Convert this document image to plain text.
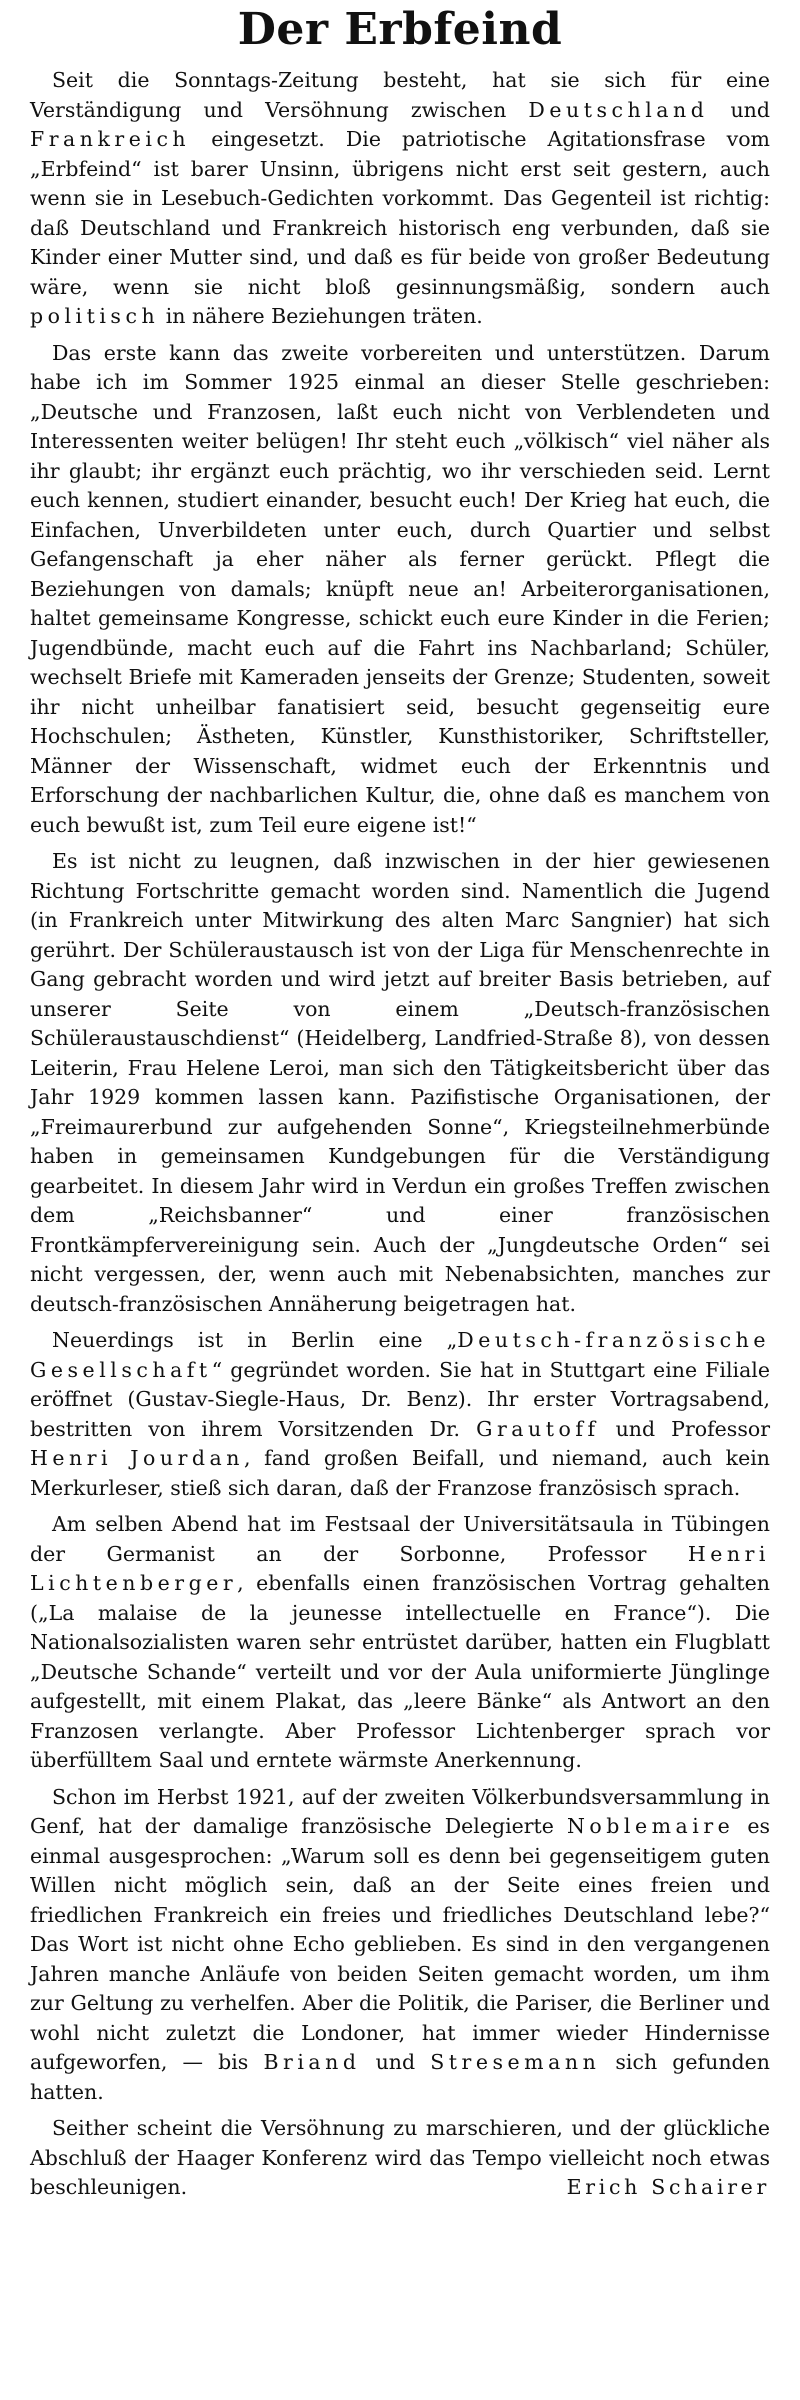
Der Erbfeind

Seit die Sonntags-Zeitung besteht, hat sie sich für eine Verständigung und Versöhnung zwischen Deutschland und Frankreich eingesetzt. Die patriotische Agitationsfrase vom „Erbfeind“ ist barer Unsinn, übrigens nicht erst seit gestern, auch wenn sie in Lesebuch-Gedichten vorkommt. Das Gegenteil ist richtig: daß Deutschland und Frankreich historisch eng verbunden, daß sie Kinder einer Mutter sind, und daß es für beide von großer Bedeutung wäre, wenn sie nicht bloß gesinnungsmäßig, sondern auch politisch in nähere Beziehungen träten.

Das erste kann das zweite vorbereiten und unterstützen. Darum habe ich im Sommer 1925 einmal an dieser Stelle geschrieben: „Deutsche und Franzosen, laßt euch nicht von Verblendeten und Interessenten weiter belügen! Ihr steht euch „völkisch“ viel näher als ihr glaubt; ihr ergänzt euch prächtig, wo ihr verschieden seid. Lernt euch kennen, studiert einander, besucht euch! Der Krieg hat euch, die Einfachen, Unverbildeten unter euch, durch Quartier und selbst Gefangenschaft ja eher näher als ferner gerückt. Pflegt die Beziehungen von damals; knüpft neue an! Arbeiterorganisationen, haltet gemeinsame Kongresse, schickt euch eure Kinder in die Ferien; Jugendbünde, macht euch auf die Fahrt ins Nachbarland; Schüler, wechselt Briefe mit Kameraden jenseits der Grenze; Studenten, soweit ihr nicht unheilbar fanatisiert seid, besucht gegenseitig eure Hochschulen; Ästheten, Künstler, Kunsthistoriker, Schriftsteller, Männer der Wissenschaft, widmet euch der Erkenntnis und Erforschung der nachbarlichen Kultur, die, ohne daß es manchem von euch bewußt ist, zum Teil eure eigene ist!“

Es ist nicht zu leugnen, daß inzwischen in der hier gewiesenen Richtung Fortschritte gemacht worden sind. Namentlich die Jugend (in Frankreich unter Mitwirkung des alten Marc Sangnier) hat sich gerührt. Der Schüleraustausch ist von der Liga für Menschenrechte in Gang gebracht worden und wird jetzt auf breiter Basis betrieben, auf unserer Seite von einem „Deutsch-französischen Schüleraustauschdienst“ (Heidelberg, Landfried-Straße 8), von dessen Leiterin, Frau Helene Leroi, man sich den Tätigkeitsbericht über das Jahr 1929 kommen lassen kann. Pazifistische Organisationen, der „Freimaurerbund zur aufgehenden Sonne“, Kriegsteilnehmerbünde haben in gemeinsamen Kundgebungen für die Verständigung gearbeitet. In diesem Jahr wird in Verdun ein großes Treffen zwischen dem „Reichsbanner“ und einer französischen Frontkämpfervereinigung sein. Auch der „Jungdeutsche Orden“ sei nicht vergessen, der, wenn auch mit Nebenabsichten, manches zur deutsch-französischen Annäherung beigetragen hat.

Neuerdings ist in Berlin eine „Deutsch-französische Gesellschaft“ gegründet worden. Sie hat in Stuttgart eine Filiale eröffnet (Gustav-Siegle-Haus, Dr. Benz). Ihr erster Vortragsabend, bestritten von ihrem Vorsitzenden Dr. Grautoff und Professor Henri Jourdan, fand großen Beifall, und niemand, auch kein Merkurleser, stieß sich daran, daß der Franzose französisch sprach.

Am selben Abend hat im Festsaal der Universitätsaula in Tübingen der Germanist an der Sorbonne, Professor Henri Lichtenberger, ebenfalls einen französischen Vortrag gehalten („La malaise de la jeunesse intellectuelle en France“). Die Nationalsozialisten waren sehr entrüstet darüber, hatten ein Flugblatt „Deutsche Schande“ verteilt und vor der Aula uniformierte Jünglinge aufgestellt, mit einem Plakat, das „leere Bänke“ als Antwort an den Franzosen verlangte. Aber Professor Lichtenberger sprach vor überfülltem Saal und erntete wärmste Anerkennung.

Schon im Herbst 1921, auf der zweiten Völkerbundsversammlung in Genf, hat der damalige französische Delegierte Noblemaire es einmal ausgesprochen: „Warum soll es denn bei gegenseitigem guten Willen nicht möglich sein, daß an der Seite eines freien und friedlichen Frankreich ein freies und friedliches Deutschland lebe?“ Das Wort ist nicht ohne Echo geblieben. Es sind in den vergangenen Jahren manche Anläufe von beiden Seiten gemacht worden, um ihm zur Geltung zu verhelfen. Aber die Politik, die Pariser, die Berliner und wohl nicht zuletzt die Londoner, hat immer wieder Hindernisse aufgeworfen, — bis Briand und Stresemann sich gefunden hatten.

Seither scheint die Versöhnung zu marschieren, und der glückliche Abschluß der Haager Konferenz wird das Tempo vielleicht noch etwas beschleunigen.	Erich Schairer
